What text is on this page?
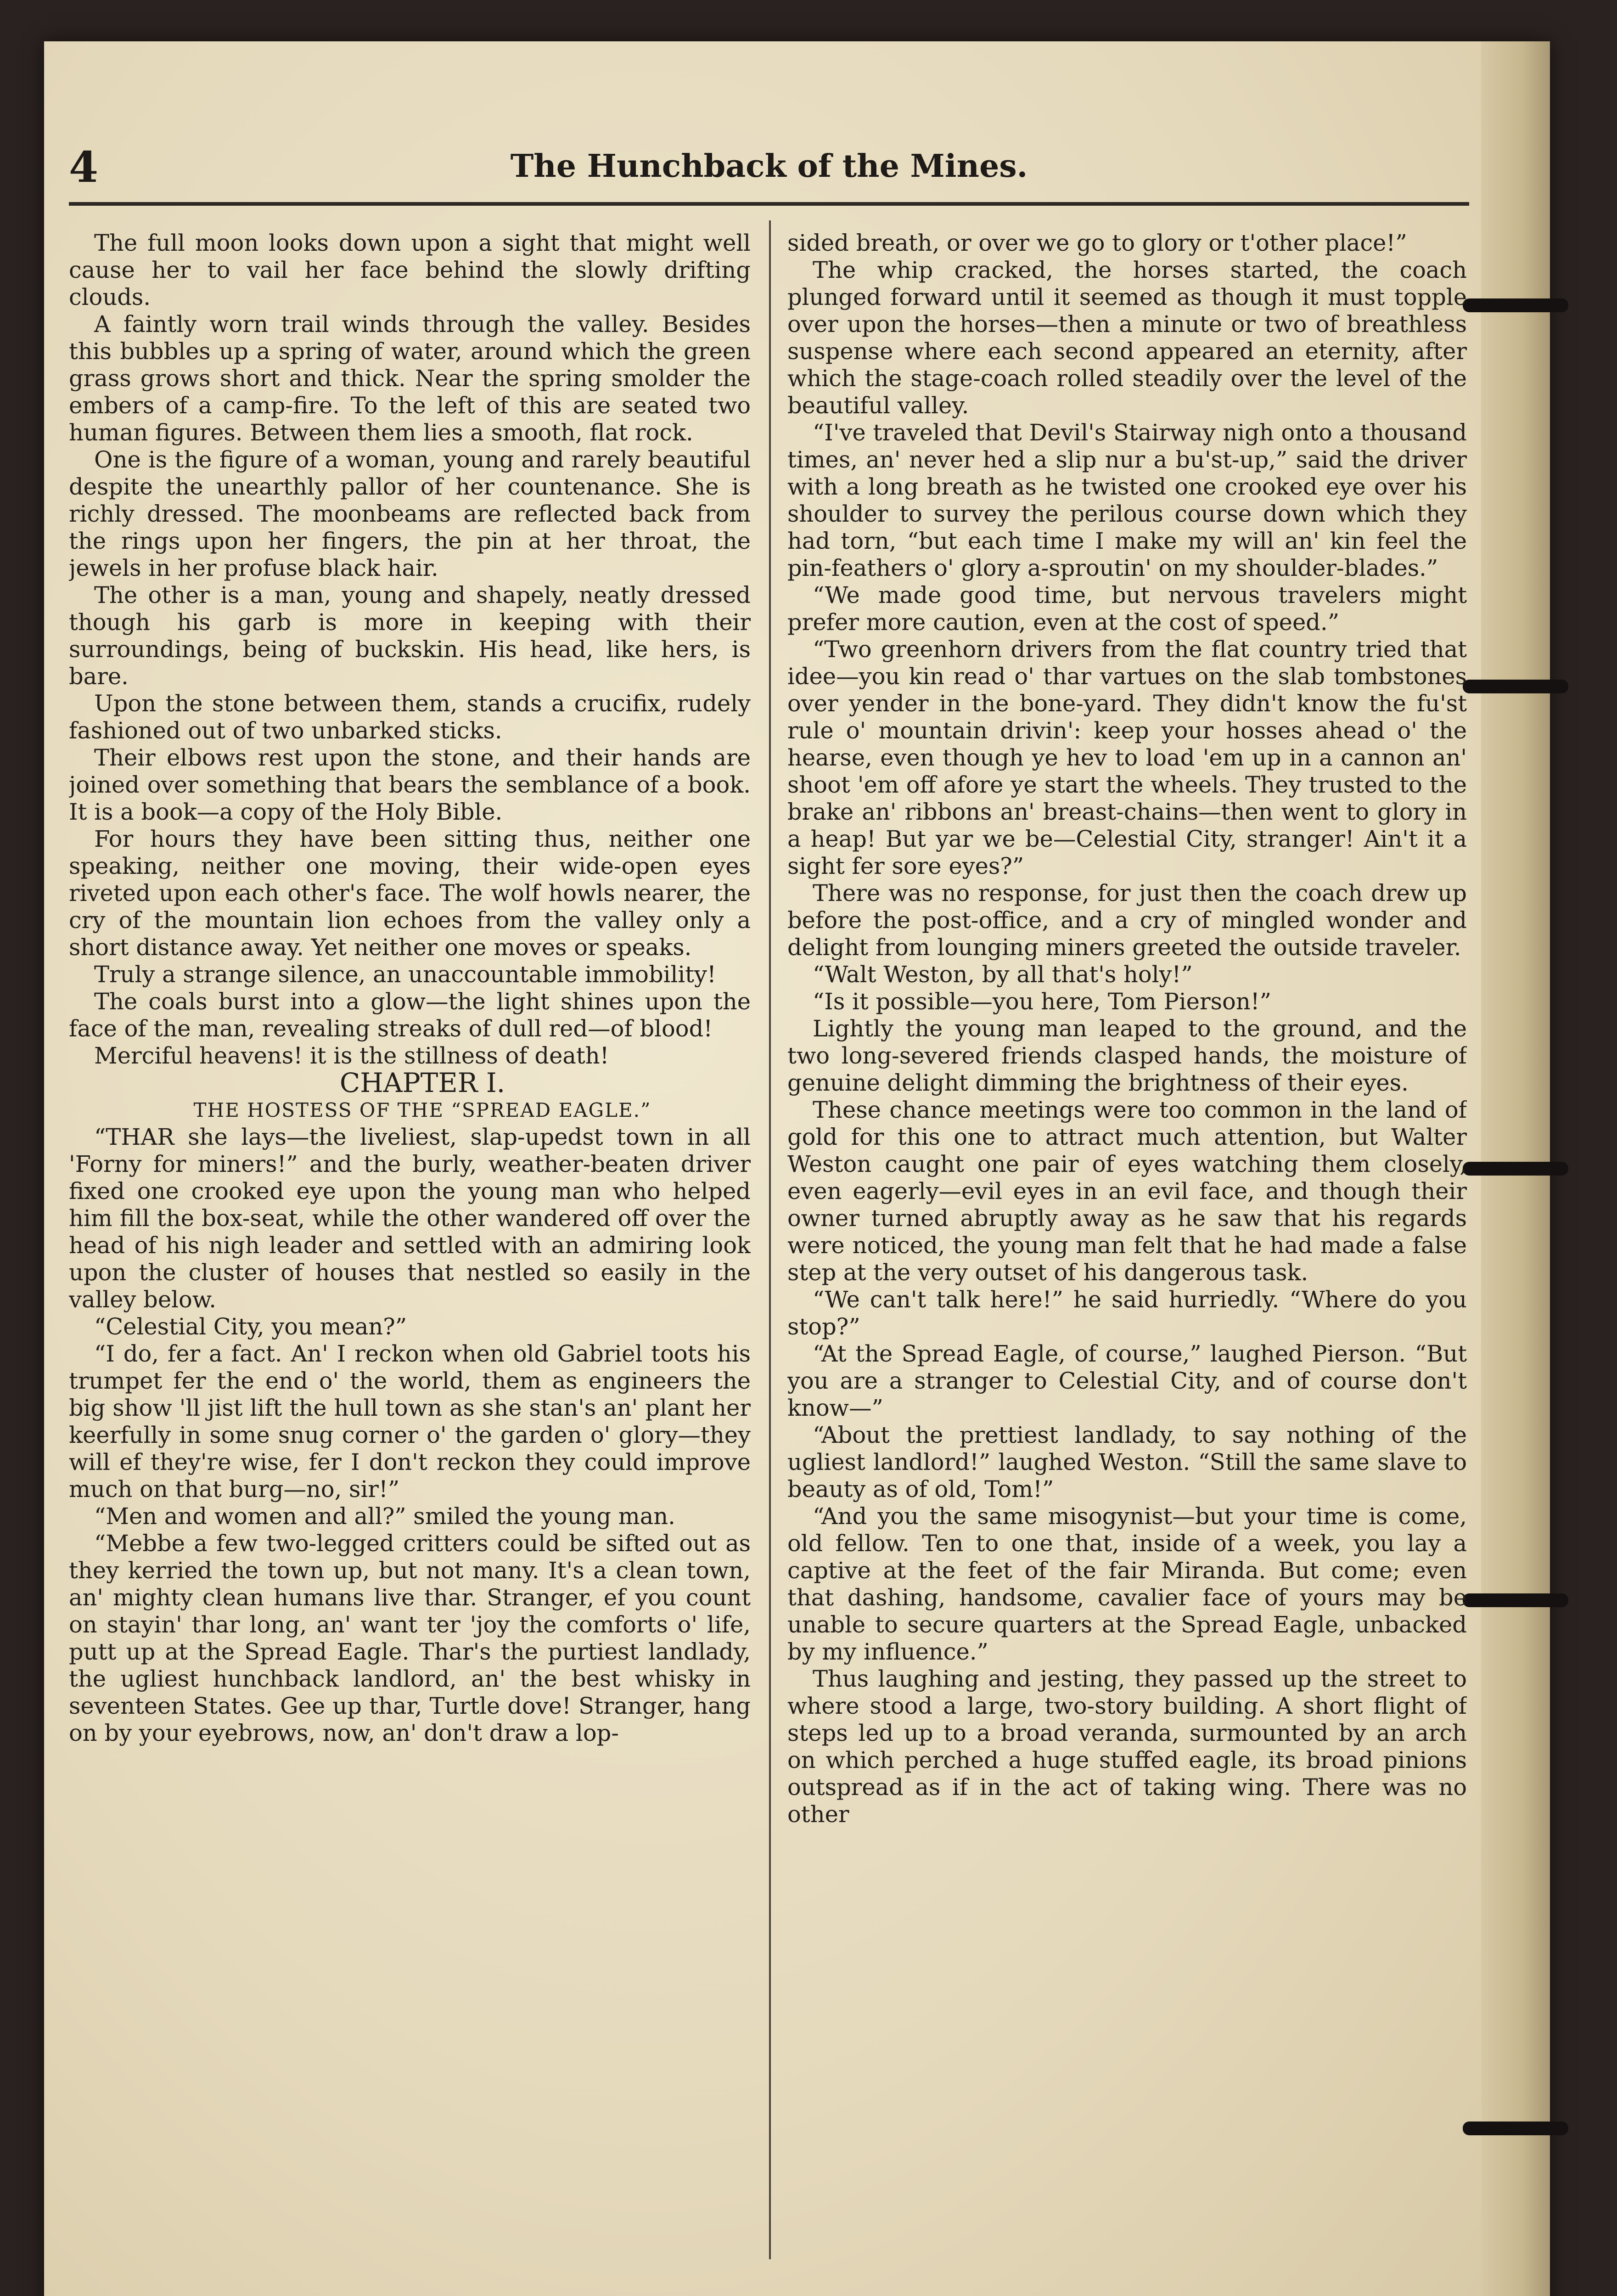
4	The Hunchback of the Mines.

The full moon looks down upon a sight that might well cause her to vail her face behind the slowly drifting clouds.

A faintly worn trail winds through the valley. Besides this bubbles up a spring of water, around which the green grass grows short and thick. Near the spring smolder the embers of a camp-fire. To the left of this are seated two human figures. Between them lies a smooth, flat rock.

One is the figure of a woman, young and rarely beautiful despite the unearthly pallor of her countenance. She is richly dressed. The moonbeams are reflected back from the rings upon her fingers, the pin at her throat, the jewels in her profuse black hair.

The other is a man, young and shapely, neatly dressed though his garb is more in keeping with their surroundings, being of buckskin. His head, like hers, is bare.

Upon the stone between them, stands a crucifix, rudely fashioned out of two unbarked sticks.

Their elbows rest upon the stone, and their hands are joined over something that bears the semblance of a book. It is a book—a copy of the Holy Bible.

For hours they have been sitting thus, neither one speaking, neither one moving, their wide-open eyes riveted upon each other's face. The wolf howls nearer, the cry of the mountain lion echoes from the valley only a short distance away. Yet neither one moves or speaks.

Truly a strange silence, an unaccountable immobility!

The coals burst into a glow—the light shines upon the face of the man, revealing streaks of dull red—of blood!

Merciful heavens! it is the stillness of death!

CHAPTER I.

THE HOSTESS OF THE “SPREAD EAGLE.”

“THAR she lays—the liveliest, slap-upedst town in all 'Forny for miners!” and the burly, weather-beaten driver fixed one crooked eye upon the young man who helped him fill the box-seat, while the other wandered off over the head of his nigh leader and settled with an admiring look upon the cluster of houses that nestled so easily in the valley below.

“Celestial City, you mean?”

“I do, fer a fact. An' I reckon when old Gabriel toots his trumpet fer the end o' the world, them as engineers the big show 'll jist lift the hull town as she stan's an' plant her keerfully in some snug corner o' the garden o' glory—they will ef they're wise, fer I don't reckon they could improve much on that burg—no, sir!”

“Men and women and all?” smiled the young man.

“Mebbe a few two-legged critters could be sifted out as they kerried the town up, but not many. It's a clean town, an' mighty clean humans live thar. Stranger, ef you count on stayin' thar long, an' want ter 'joy the comforts o' life, putt up at the Spread Eagle. Thar's the purtiest landlady, the ugliest hunchback landlord, an' the best whisky in seventeen States. Gee up thar, Turtle dove! Stranger, hang on by your eyebrows, now, an' don't draw a lop-

sided breath, or over we go to glory or t'other place!”

The whip cracked, the horses started, the coach plunged forward until it seemed as though it must topple over upon the horses—then a minute or two of breathless suspense where each second appeared an eternity, after which the stage-coach rolled steadily over the level of the beautiful valley.

“I've traveled that Devil's Stairway nigh onto a thousand times, an' never hed a slip nur a bu'st-up,” said the driver with a long breath as he twisted one crooked eye over his shoulder to survey the perilous course down which they had torn, “but each time I make my will an' kin feel the pin-feathers o' glory a-sproutin' on my shoulder-blades.”

“We made good time, but nervous travelers might prefer more caution, even at the cost of speed.”

“Two greenhorn drivers from the flat country tried that idee—you kin read o' thar vartues on the slab tombstones over yender in the bone-yard. They didn't know the fu'st rule o' mountain drivin': keep your hosses ahead o' the hearse, even though ye hev to load 'em up in a cannon an' shoot 'em off afore ye start the wheels. They trusted to the brake an' ribbons an' breast-chains—then went to glory in a heap! But yar we be—Celestial City, stranger! Ain't it a sight fer sore eyes?”

There was no response, for just then the coach drew up before the post-office, and a cry of mingled wonder and delight from lounging miners greeted the outside traveler.

“Walt Weston, by all that's holy!”

“Is it possible—you here, Tom Pierson!”

Lightly the young man leaped to the ground, and the two long-severed friends clasped hands, the moisture of genuine delight dimming the brightness of their eyes.

These chance meetings were too common in the land of gold for this one to attract much attention, but Walter Weston caught one pair of eyes watching them closely, even eagerly—evil eyes in an evil face, and though their owner turned abruptly away as he saw that his regards were noticed, the young man felt that he had made a false step at the very outset of his dangerous task.

“We can't talk here!” he said hurriedly. “Where do you stop?”

“At the Spread Eagle, of course,” laughed Pierson. “But you are a stranger to Celestial City, and of course don't know—”

“About the prettiest landlady, to say nothing of the ugliest landlord!” laughed Weston. “Still the same slave to beauty as of old, Tom!”

“And you the same misogynist—but your time is come, old fellow. Ten to one that, inside of a week, you lay a captive at the feet of the fair Miranda. But come; even that dashing, handsome, cavalier face of yours may be unable to secure quarters at the Spread Eagle, unbacked by my influence.”

Thus laughing and jesting, they passed up the street to where stood a large, two-story building. A short flight of steps led up to a broad veranda, surmounted by an arch on which perched a huge stuffed eagle, its broad pinions outspread as if in the act of taking wing. There was no other
